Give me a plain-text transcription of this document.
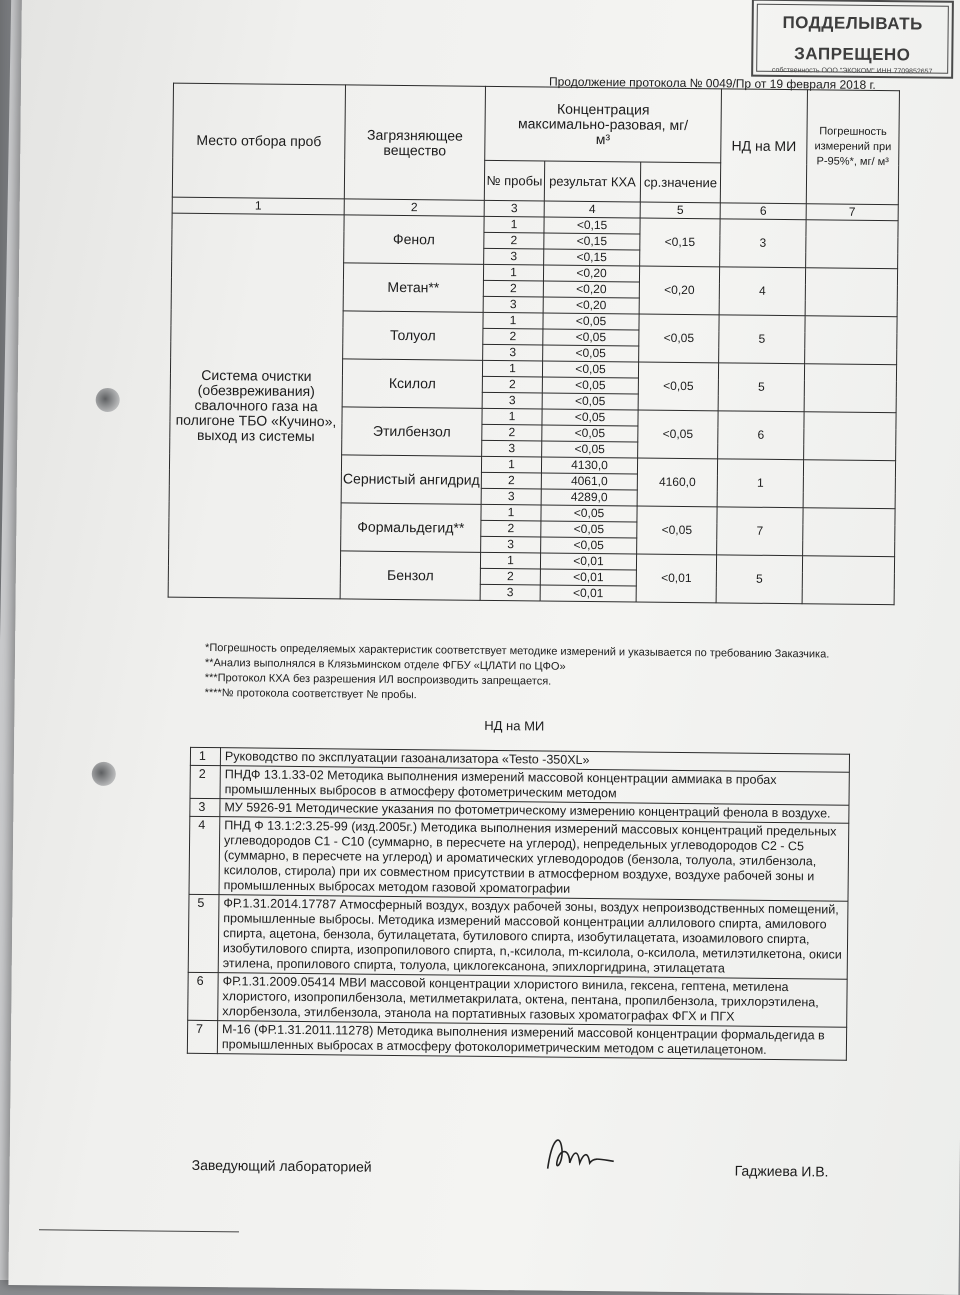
ПОДДЕЛЫВАТЬ
ЗАПРЕЩЕНО
собственность ООО "ЭКОКОМ" ИНН 7709852657
Продолжение протокола № 0049/Пр от 19 февраля 2018 г.
Место отбора проб	Загрязняющее вещество	Концентрация максимально-разовая, мг/ м³			НД на МИ	Погрешность измерений при Р-95%*, мг/ м³
		№ пробы	результат КХА	ср.значение		
1	2	3	4	5	6	7
Система очистки (обезвреживания) свалочного газа на полигоне ТБО «Кучино», выход из системы	Фенол	1	<0,15	<0,15	3	
		2	<0,15			
		3	<0,15			
	Метан**	1	<0,20	<0,20	4	
		2	<0,20			
		3	<0,20			
	Толуол	1	<0,05	<0,05	5	
		2	<0,05			
		3	<0,05			
	Ксилол	1	<0,05	<0,05	5	
		2	<0,05			
		3	<0,05			
	Этилбензол	1	<0,05	<0,05	6	
		2	<0,05			
		3	<0,05			
	Сернистый ангидрид	1	4130,0	4160,0	1	
		2	4061,0			
		3	4289,0			
	Формальдегид**	1	<0,05	<0,05	7	
		2	<0,05			
		3	<0,05			
	Бензол	1	<0,01	<0,01	5	
		2	<0,01			
		3	<0,01			
*Погрешность определяемых характеристик соответствует методике измерений и указывается по требованию Заказчика.
**Анализ выполнялся в Клязьминском отделе ФГБУ «ЦЛАТИ по ЦФО»
***Протокол КХА без разрешения ИЛ воспроизводить запрещается.
****№ протокола соответствует № пробы.
НД на МИ
1	Руководство по эксплуатации газоанализатора «Testo -350XL»
2	ПНДФ 13.1.33-02 Методика выполнения измерений массовой концентрации аммиака в пробах промышленных выбросов в атмосферу фотометрическим методом
3	МУ 5926-91 Методические указания по фотометрическому измерению концентраций фенола в воздухе.
4	ПНД Ф 13.1:2:3.25-99 (изд.2005г.) Методика выполнения измерений массовых концентраций предельных углеводородов С1 - С10 (суммарно, в пересчете на углерод), непредельных углеводородов С2 - С5 (суммарно, в пересчете на углерод) и ароматических углеводородов (бензола, толуола, этилбензола, ксилолов, стирола) при их совместном присутствии в атмосферном воздухе, воздухе рабочей зоны и промышленных выбросах методом газовой хроматографии
5	ФР.1.31.2014.17787 Атмосферный воздух, воздух рабочей зоны, воздух непроизводственных помещений, промышленные выбросы. Методика измерений массовой концентрации аллилового спирта, амилового спирта, ацетона, бензола, бутилацетата, бутилового спирта, изобутилацетата, изоамилового спирта, изобутилового спирта, изопропилового спирта, n,-ксилола, m-ксилола, о-ксилола, метилэтилкетона, окиси этилена, пропилового спирта, толуола, циклогексанона, эпихлоргидрина, этилацетата
6	ФР.1.31.2009.05414 МВИ массовой концентрации хлористого винила, гексена, гептена, метилена хлористого, изопропилбензола, метилметакрилата, октена, пентана, пропилбензола, трихлорэтилена, хлорбензола, этилбензола, этанола на портативных газовых хроматографах ФГХ и ПГХ
7	М-16 (ФР.1.31.2011.11278) Методика выполнения измерений массовой концентрации формальдегида в промышленных выбросах в атмосферу фотоколориметрическим методом с ацетилацетоном.
Заведующий лабораторией	Гаджиева И.В.
